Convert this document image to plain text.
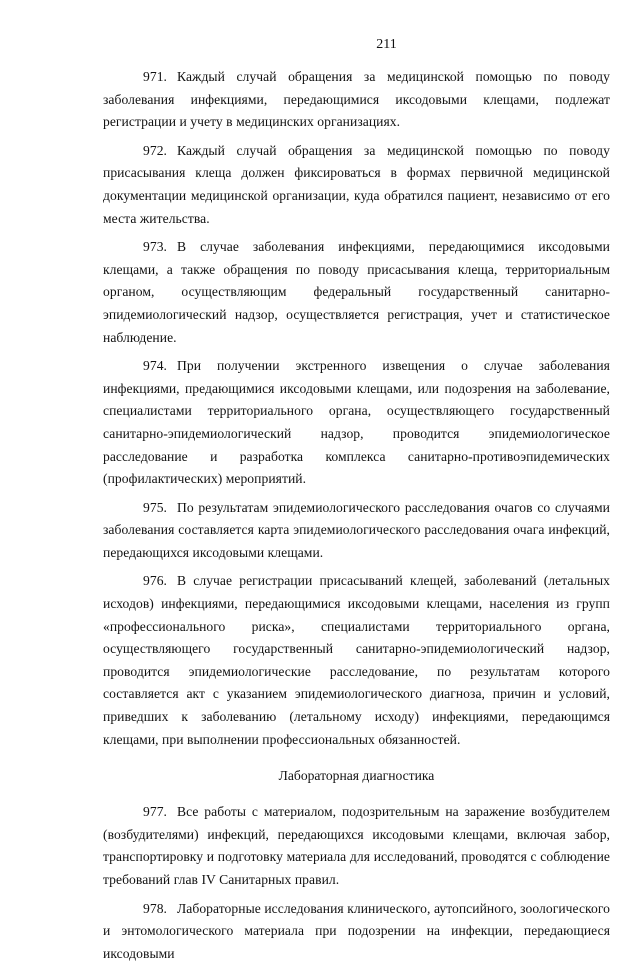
211

971. Каждый случай обращения за медицинской помощью по поводу заболевания инфекциями, передающимися иксодовыми клещами, подлежат регистрации и учету в медицинских организациях.

972. Каждый случай обращения за медицинской помощью по поводу присасывания клеща должен фиксироваться в формах первичной медицинской документации медицинской организации, куда обратился пациент, независимо от его места жительства.

973. В случае заболевания инфекциями, передающимися иксодовыми клещами, а также обращения по поводу присасывания клеща, территориальным органом, осуществляющим федеральный государственный санитарно-эпидемиологический надзор, осуществляется регистрация, учет и статистическое наблюдение.

974. При получении экстренного извещения о случае заболевания инфекциями, предающимися иксодовыми клещами, или подозрения на заболевание, специалистами территориального органа, осуществляющего государственный санитарно-эпидемиологический надзор, проводится эпидемиологическое расследование и разработка комплекса санитарно-противоэпидемических (профилактических) мероприятий.

975. По результатам эпидемиологического расследования очагов со случаями заболевания составляется карта эпидемиологического расследования очага инфекций, передающихся иксодовыми клещами.

976. В случае регистрации присасываний клещей, заболеваний (летальных исходов) инфекциями, передающимися иксодовыми клещами, населения из групп «профессионального риска», специалистами территориального органа, осуществляющего государственный санитарно-эпидемиологический надзор, проводится эпидемиологические расследование, по результатам которого составляется акт с указанием эпидемиологического диагноза, причин и условий, приведших к заболеванию (летальному исходу) инфекциями, передающимся клещами, при выполнении профессиональных обязанностей.

Лабораторная диагностика

977. Все работы с материалом, подозрительным на заражение возбудителем (возбудителями) инфекций, передающихся иксодовыми клещами, включая забор, транспортировку и подготовку материала для исследований, проводятся с соблюдение требований глав IV Санитарных правил.

978. Лабораторные исследования клинического, аутопсийного, зоологического и энтомологического материала при подозрении на инфекции, передающиеся иксодовыми
